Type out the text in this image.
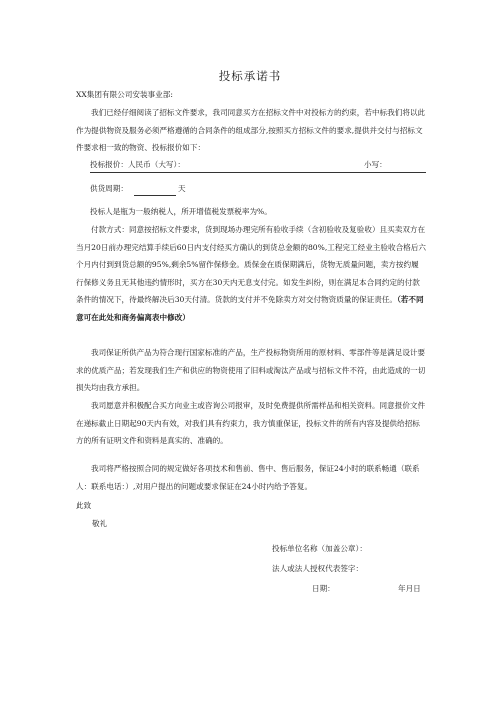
投标承诺书
XX集团有限公司安装事业部:
我们已经仔细阅读了招标文件要求，我司同意买方在招标文件中对投标方的约束，若中标我们将以此作为提供物资及服务必须严格遵循的合同条件的组成部分,按照买方招标文件的要求,提供并交付与招标文件要求相一致的物资、投标报价如下：
投标报价：人民币（大写）：	小写：
供货周期：	天
投标人是瓶为一般纳税人，所开增值税发票税率为%。
付款方式：同意按招标文件要求，货到现场办理完所有验收手续（含初验收及复验收）且买卖双方在当月20日前办理完结算手续后60日内支付经买方确认的到货总金额的80%,工程完工经业主验收合格后六个月内付到到货总额的95%,剩余5%留作保修金。质保金在质保期满后，货物无质量问题，卖方按约履行保修义务且无其他违约情形时，买方在30天内无息支付完。如发生纠纷，则在满足本合同约定的付款条件的情况下，待最终解决后30天付清。货款的支付并不免除卖方对交付物资质量的保证责任。（若不同意可在此处和商务偏离表中修改）
我司保证所供产品为符合现行国家标准的产品，生产投标物资所用的原材料、零部件等是满足设计要求的优质产品；若发现我们生产和供应的物资使用了旧料或淘汰产品或与招标文件不符，由此造成的一切损失均由我方承担。
我司愿意并积极配合买方向业主或咨询公司报审，及时免费提供所需样品和相关资料。同意报价文件在递标截止日期起90天内有效，对我们具有约束力，我方慎重保证，投标文件的所有内容及提供给招标方的所有证明文件和资料是真实的、准确的。
我司将严格按照合同的规定做好各项技术和售前、售中、售后服务，保证24小时的联系畅通（联系人：联系电话：）,对用户提出的问题或要求保证在24小时内给予答复。
此致
敬礼
投标单位名称（加盖公章）：
法人或法人授权代表签字：
日期：	年月日
